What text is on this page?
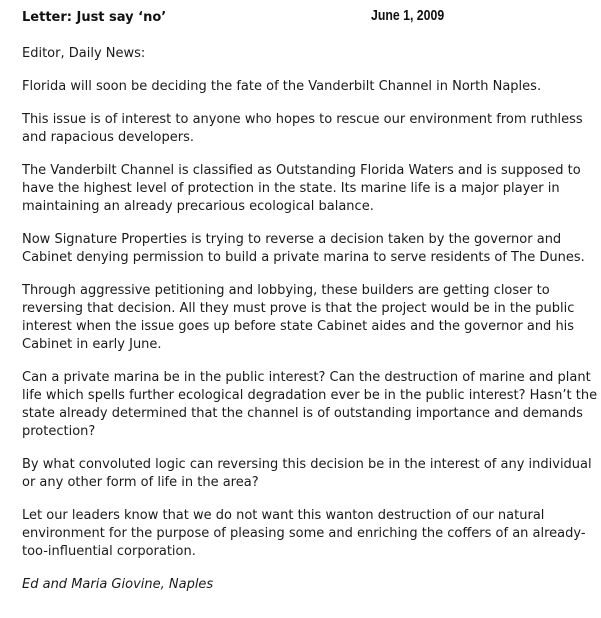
Letter: Just say ‘no’	June 1, 2009

Editor, Daily News:

Florida will soon be deciding the fate of the Vanderbilt Channel in North Naples.

This issue is of interest to anyone who hopes to rescue our environment from ruthless and rapacious developers.

The Vanderbilt Channel is classified as Outstanding Florida Waters and is supposed to have the highest level of protection in the state. Its marine life is a major player in maintaining an already precarious ecological balance.

Now Signature Properties is trying to reverse a decision taken by the governor and Cabinet denying permission to build a private marina to serve residents of The Dunes.

Through aggressive petitioning and lobbying, these builders are getting closer to reversing that decision. All they must prove is that the project would be in the public interest when the issue goes up before state Cabinet aides and the governor and his Cabinet in early June.

Can a private marina be in the public interest? Can the destruction of marine and plant life which spells further ecological degradation ever be in the public interest? Hasn’t the state already determined that the channel is of outstanding importance and demands protection?

By what convoluted logic can reversing this decision be in the interest of any individual or any other form of life in the area?

Let our leaders know that we do not want this wanton destruction of our natural environment for the purpose of pleasing some and enriching the coffers of an already-too-influential corporation.

Ed and Maria Giovine, Naples
